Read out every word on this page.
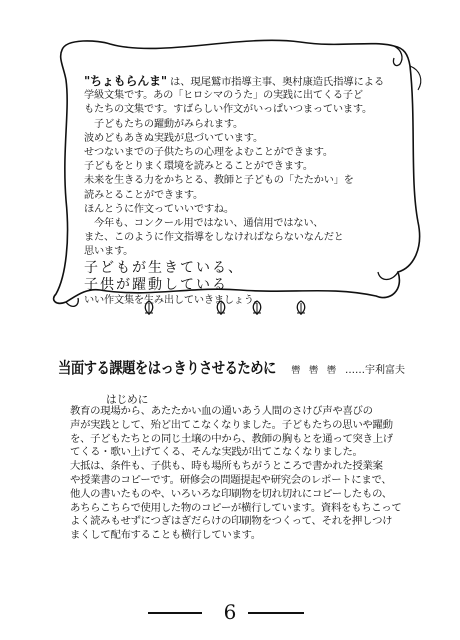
"ちょもらんま" は、現尾鷲市指導主事、奥村康造氏指導による
学級文集です。あの「ヒロシマのうた」の実践に出てくる子ど
もたちの文集です。すばらしい作文がいっぱいつまっています。
　子どもたちの躍動がみられます。
波めどもあきぬ実践が息づいています。
せつないまでの子供たちの心理をよむことができます。
子どもをとりまく環境を読みとることができます。
未来を生きる力をかちとる、教師と子どもの「たたかい」を
読みとることができます。
ほんとうに作文っていいですね。
　今年も、コンクール用ではない、通信用ではない、
また、このように作文指導をしなければならないなんだと
思います。
子どもが生きている、
子供が躍動している
いい作文集を生み出していきましょう。
当面する課題をはっきりさせるために 轡 轡 轡 ……宇利富夫
はじめに
教育の現場から、あたたかい血の通いあう人間のさけび声や喜びの
声が実践として、殆ど出てこなくなりました。子どもたちの思いや躍動
を、子どもたちとの同じ土壌の中から、教師の胸もとを通って突き上げ
てくる・歌い上げてくる、そんな実践が出てこなくなりました。
大抵は、条件も、子供も、時も場所もちがうところで書かれた授業案
や授業書のコピーです。研修会の問題提起や研究会のレポートにまで、
他人の書いたものや、いろいろな印刷物を切れ切れにコピーしたもの、
あちらこちらで使用した物のコピーが横行しています。資料をもちこって
よく読みもせずにつぎはぎだらけの印刷物をつくって、それを押しつけ
まくして配布することも横行しています。
6
